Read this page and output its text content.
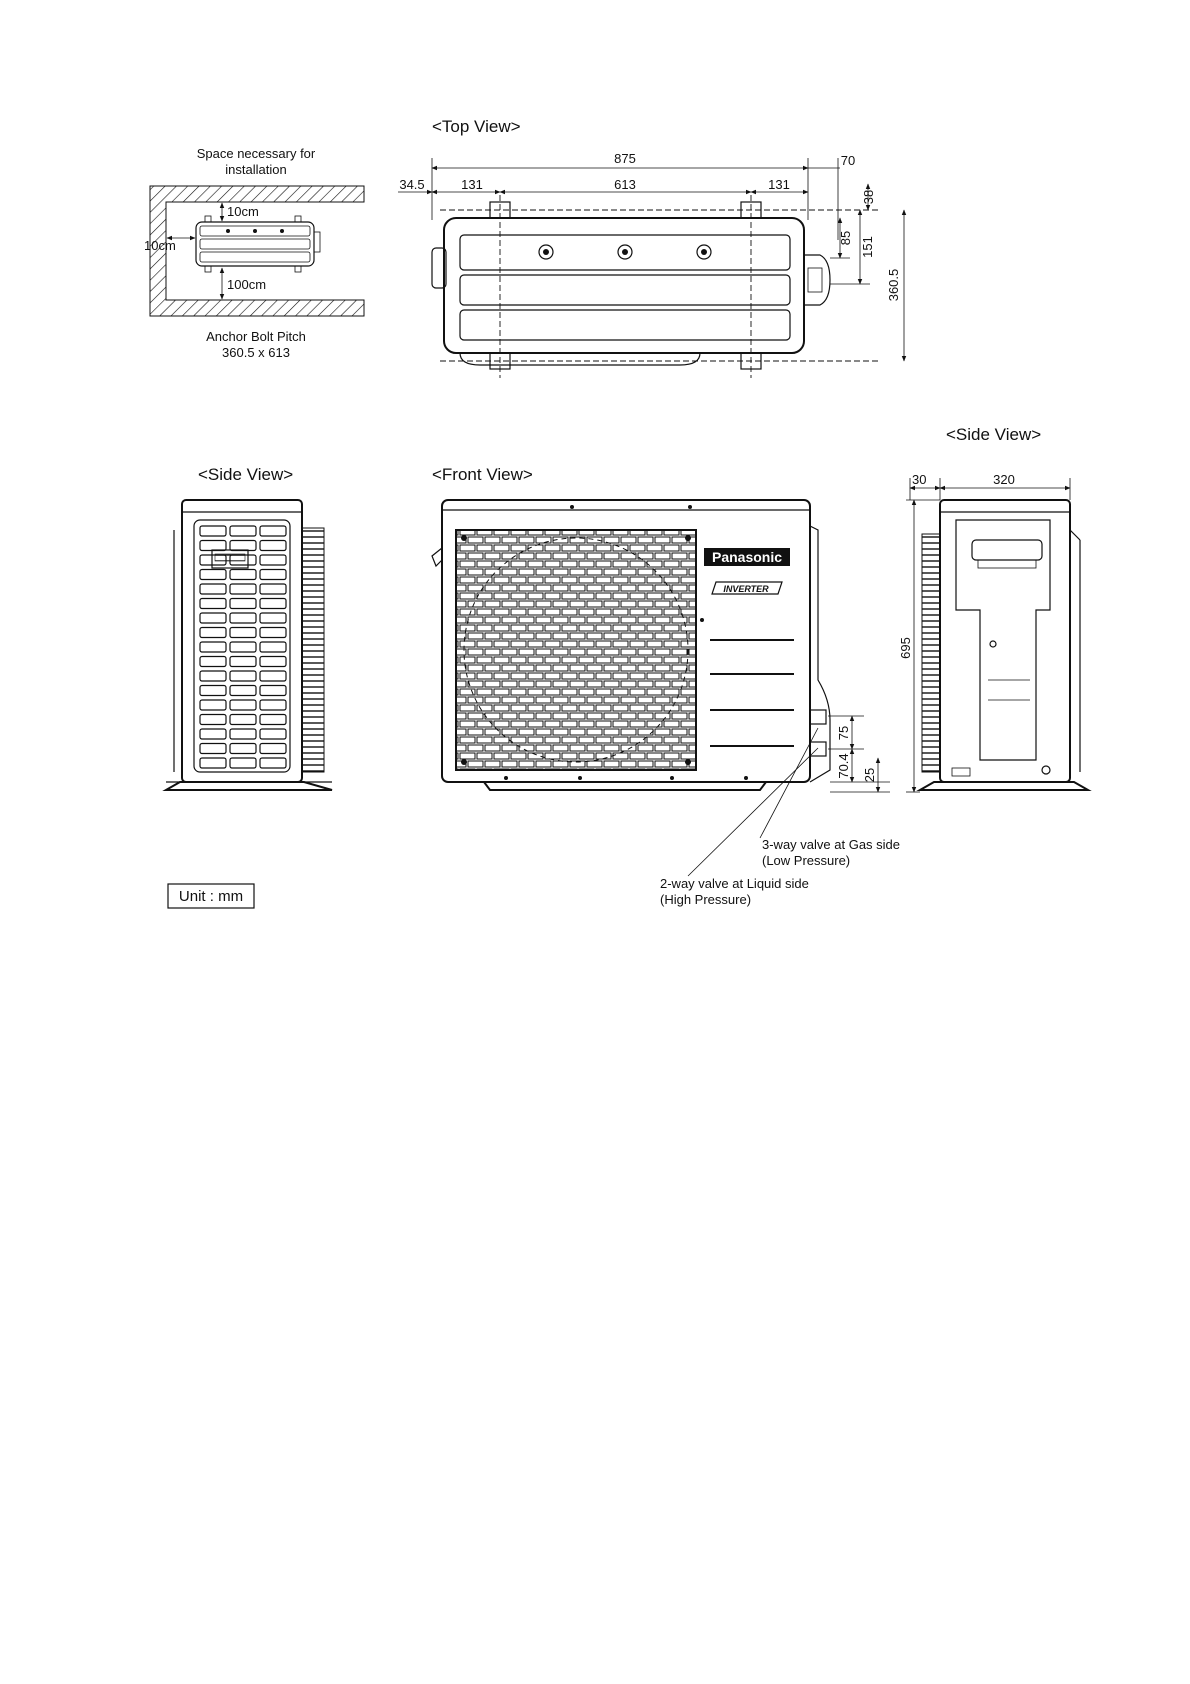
Space necessary for
installation
10cm
10cm
100cm
Anchor Bolt Pitch
360.5 x 613
<Top View>
875	70
34.5	131	613	131
38
85 151
360.5
<Side View>	<Front View>
Panasonic
INVERTER
75
70.4 25
<Side View>
30	320
695
3-way valve at Gas side
(Low Pressure)
2-way valve at Liquid side
(High Pressure)
Unit : mm
